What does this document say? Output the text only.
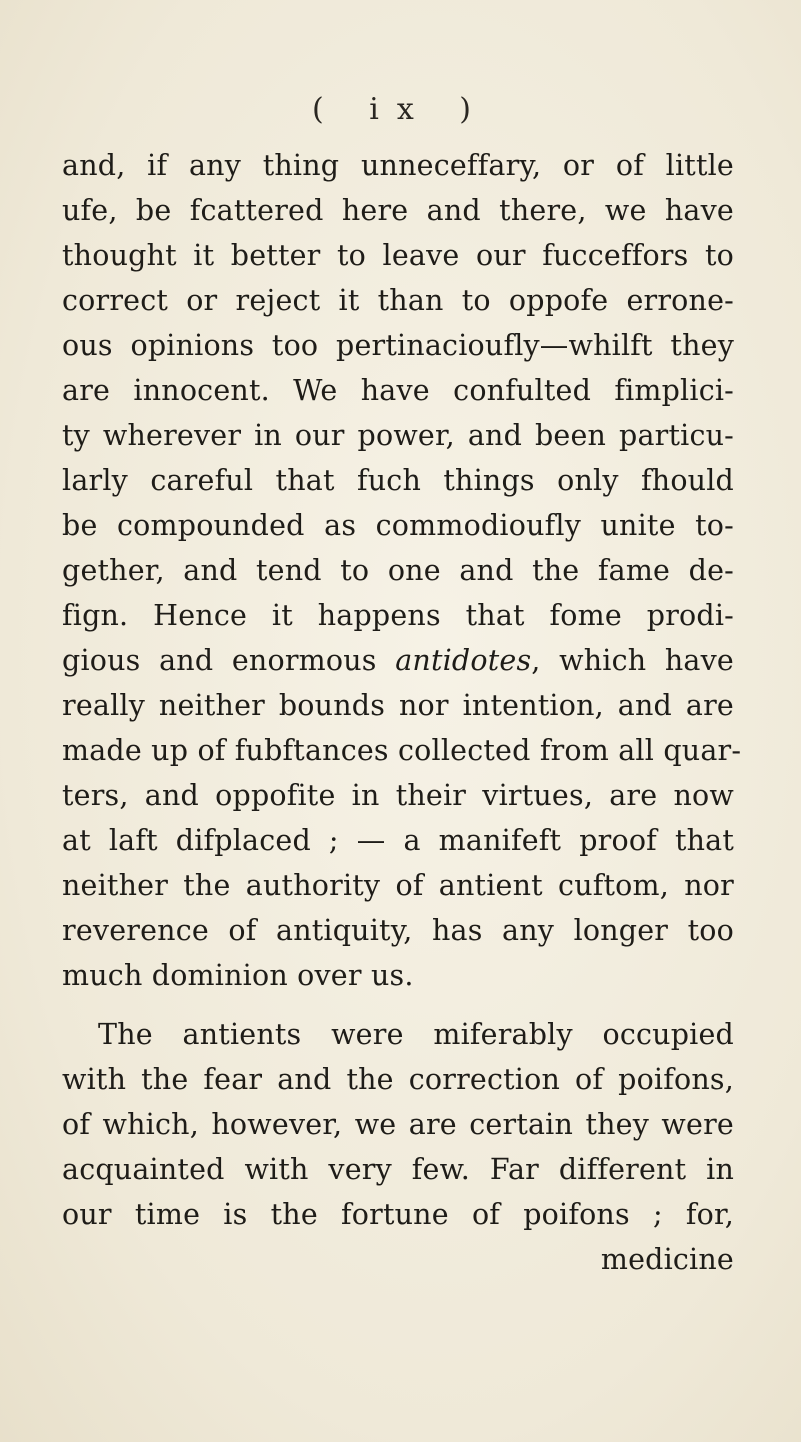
( ix )
and, if any thing unneceffary, or of little
ufe, be fcattered here and there, we have
thought it better to leave our fucceffors to
correct or reject it than to oppofe errone-
ous opinions too pertinacioufly—whilft they
are innocent. We have confulted fimplici-
ty wherever in our power, and been particu-
larly careful that fuch things only fhould
be compounded as commodioufly unite to-
gether, and tend to one and the fame de-
fign. Hence it happens that fome prodi-
gious and enormous antidotes, which have
really neither bounds nor intention, and are
made up of fubftances collected from all quar-
ters, and oppofite in their virtues, are now
at laft difplaced ; — a manifeft proof that
neither the authority of antient cuftom, nor
reverence of antiquity, has any longer too
much dominion over us.
The antients were miferably occupied
with the fear and the correction of poifons,
of which, however, we are certain they were
acquainted with very few. Far different in
our time is the fortune of poifons ; for,
medicine
